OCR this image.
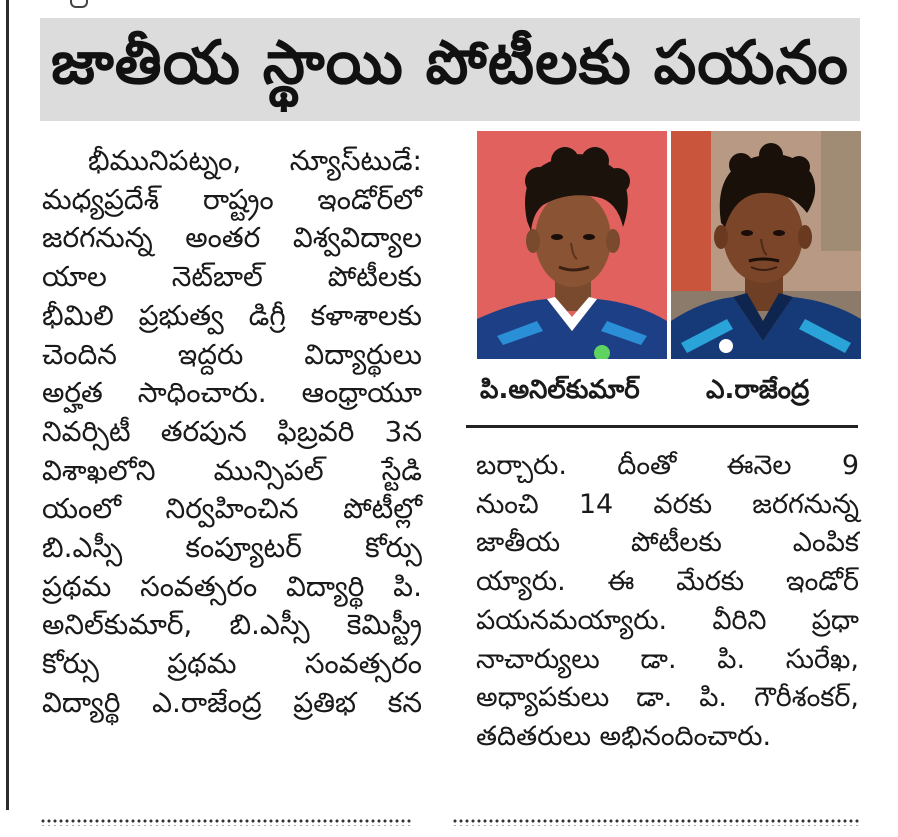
జాతీయ స్థాయి పోటీలకు పయనం

భీమునిపట్నం, న్యూస్‌టుడే:

మధ్యప్రదేశ్‌ రాష్ట్రం ఇండోర్‌లో

జరగనున్న అంతర విశ్వవిద్యాల

యాల నెట్‌బాల్‌ పోటీలకు

భీమిలి ప్రభుత్వ డిగ్రీ కళాశాలకు

చెందిన ఇద్దరు విద్యార్థులు

అర్హత సాధించారు. ఆంధ్రాయూ

నివర్సిటీ తరపున ఫిబ్రవరి 3న

విశాఖలోని మున్సిపల్‌ స్టేడి

యంలో నిర్వహించిన పోటీల్లో

బి.ఎస్సీ కంప్యూటర్‌ కోర్సు

ప్రథమ సంవత్సరం విద్యార్థి పి.

అనిల్‌కుమార్‌, బి.ఎస్సీ కెమిస్ట్రీ

కోర్సు ప్రథమ సంవత్సరం

విద్యార్థి ఎ.రాజేంద్ర ప్రతిభ కన

పి.అనిల్‌కుమార్‌	ఎ.రాజేంద్ర

బర్చారు. దీంతో ఈనెల 9

నుంచి 14 వరకు జరగనున్న

జాతీయ పోటీలకు ఎంపిక

య్యారు. ఈ మేరకు ఇండోర్‌

పయనమయ్యారు. వీరిని ప్రధా

నాచార్యులు డా. పి. సురేఖ,

అధ్యాపకులు డా. పి. గౌరీశంకర్‌,

తదితరులు అభినందించారు.
